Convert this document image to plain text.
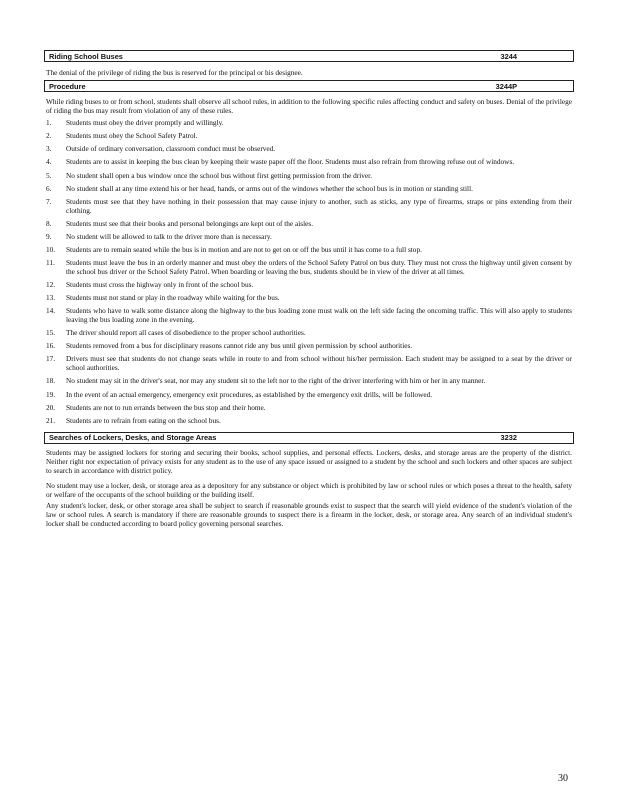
Riding School Buses	3244
The denial of the privilege of riding the bus is reserved for the principal or his designee.
Procedure	3244P
While riding buses to or from school, students shall observe all school rules, in addition to the following specific rules affecting conduct and safety on buses. Denial of the privilege of riding the bus may result from violation of any of these rules.
1.	Students must obey the driver promptly and willingly.
2.	Students must obey the School Safety Patrol.
3.	Outside of ordinary conversation, classroom conduct must be observed.
4.	Students are to assist in keeping the bus clean by keeping their waste paper off the floor. Students must also refrain from throwing refuse out of windows.
5.	No student shall open a bus window once the school bus without first getting permission from the driver.
6.	No student shall at any time extend his or her head, hands, or arms out of the windows whether the school bus is in motion or standing still.
7.	Students must see that they have nothing in their possession that may cause injury to another, such as sticks, any type of firearms, straps or pins extending from their clothing.
8.	Students must see that their books and personal belongings are kept out of the aisles.
9.	No student will be allowed to talk to the driver more than is necessary.
10.	Students are to remain seated while the bus is in motion and are not to get on or off the bus until it has come to a full stop.
11.	Students must leave the bus in an orderly manner and must obey the orders of the School Safety Patrol on bus duty. They must not cross the highway until given consent by the school bus driver or the School Safety Patrol. When boarding or leaving the bus, students should be in view of the driver at all times.
12.	Students must cross the highway only in front of the school bus.
13.	Students must not stand or play in the roadway while waiting for the bus.
14.	Students who have to walk some distance along the highway to the bus loading zone must walk on the left side facing the oncoming traffic. This will also apply to students leaving the bus loading zone in the evening.
15.	The driver should report all cases of disobedience to the proper school authorities.
16.	Students removed from a bus for disciplinary reasons cannot ride any bus until given permission by school authorities.
17.	Drivers must see that students do not change seats while in route to and from school without his/her permission. Each student may be assigned to a seat by the driver or school authorities.
18.	No student may sit in the driver's seat, nor may any student sit to the left nor to the right of the driver interfering with him or her in any manner.
19.	In the event of an actual emergency, emergency exit procedures, as established by the emergency exit drills, will be followed.
20.	Students are not to run errands between the bus stop and their home.
21.	Students are to refrain from eating on the school bus.
Searches of Lockers, Desks, and Storage Areas	3232
Students may be assigned lockers for storing and securing their books, school supplies, and personal effects. Lockers, desks, and storage areas are the property of the district. Neither right nor expectation of privacy exists for any student as to the use of any space issued or assigned to a student by the school and such lockers and other spaces are subject to search in accordance with district policy.
No student may use a locker, desk, or storage area as a depository for any substance or object which is prohibited by law or school rules or which poses a threat to the health, safety or welfare of the occupants of the school building or the building itself.
Any student's locker, desk, or other storage area shall be subject to search if reasonable grounds exist to suspect that the search will yield evidence of the student's violation of the law or school rules. A search is mandatory if there are reasonable grounds to suspect there is a firearm in the locker, desk, or storage area. Any search of an individual student's locker shall be conducted according to board policy governing personal searches.
30
